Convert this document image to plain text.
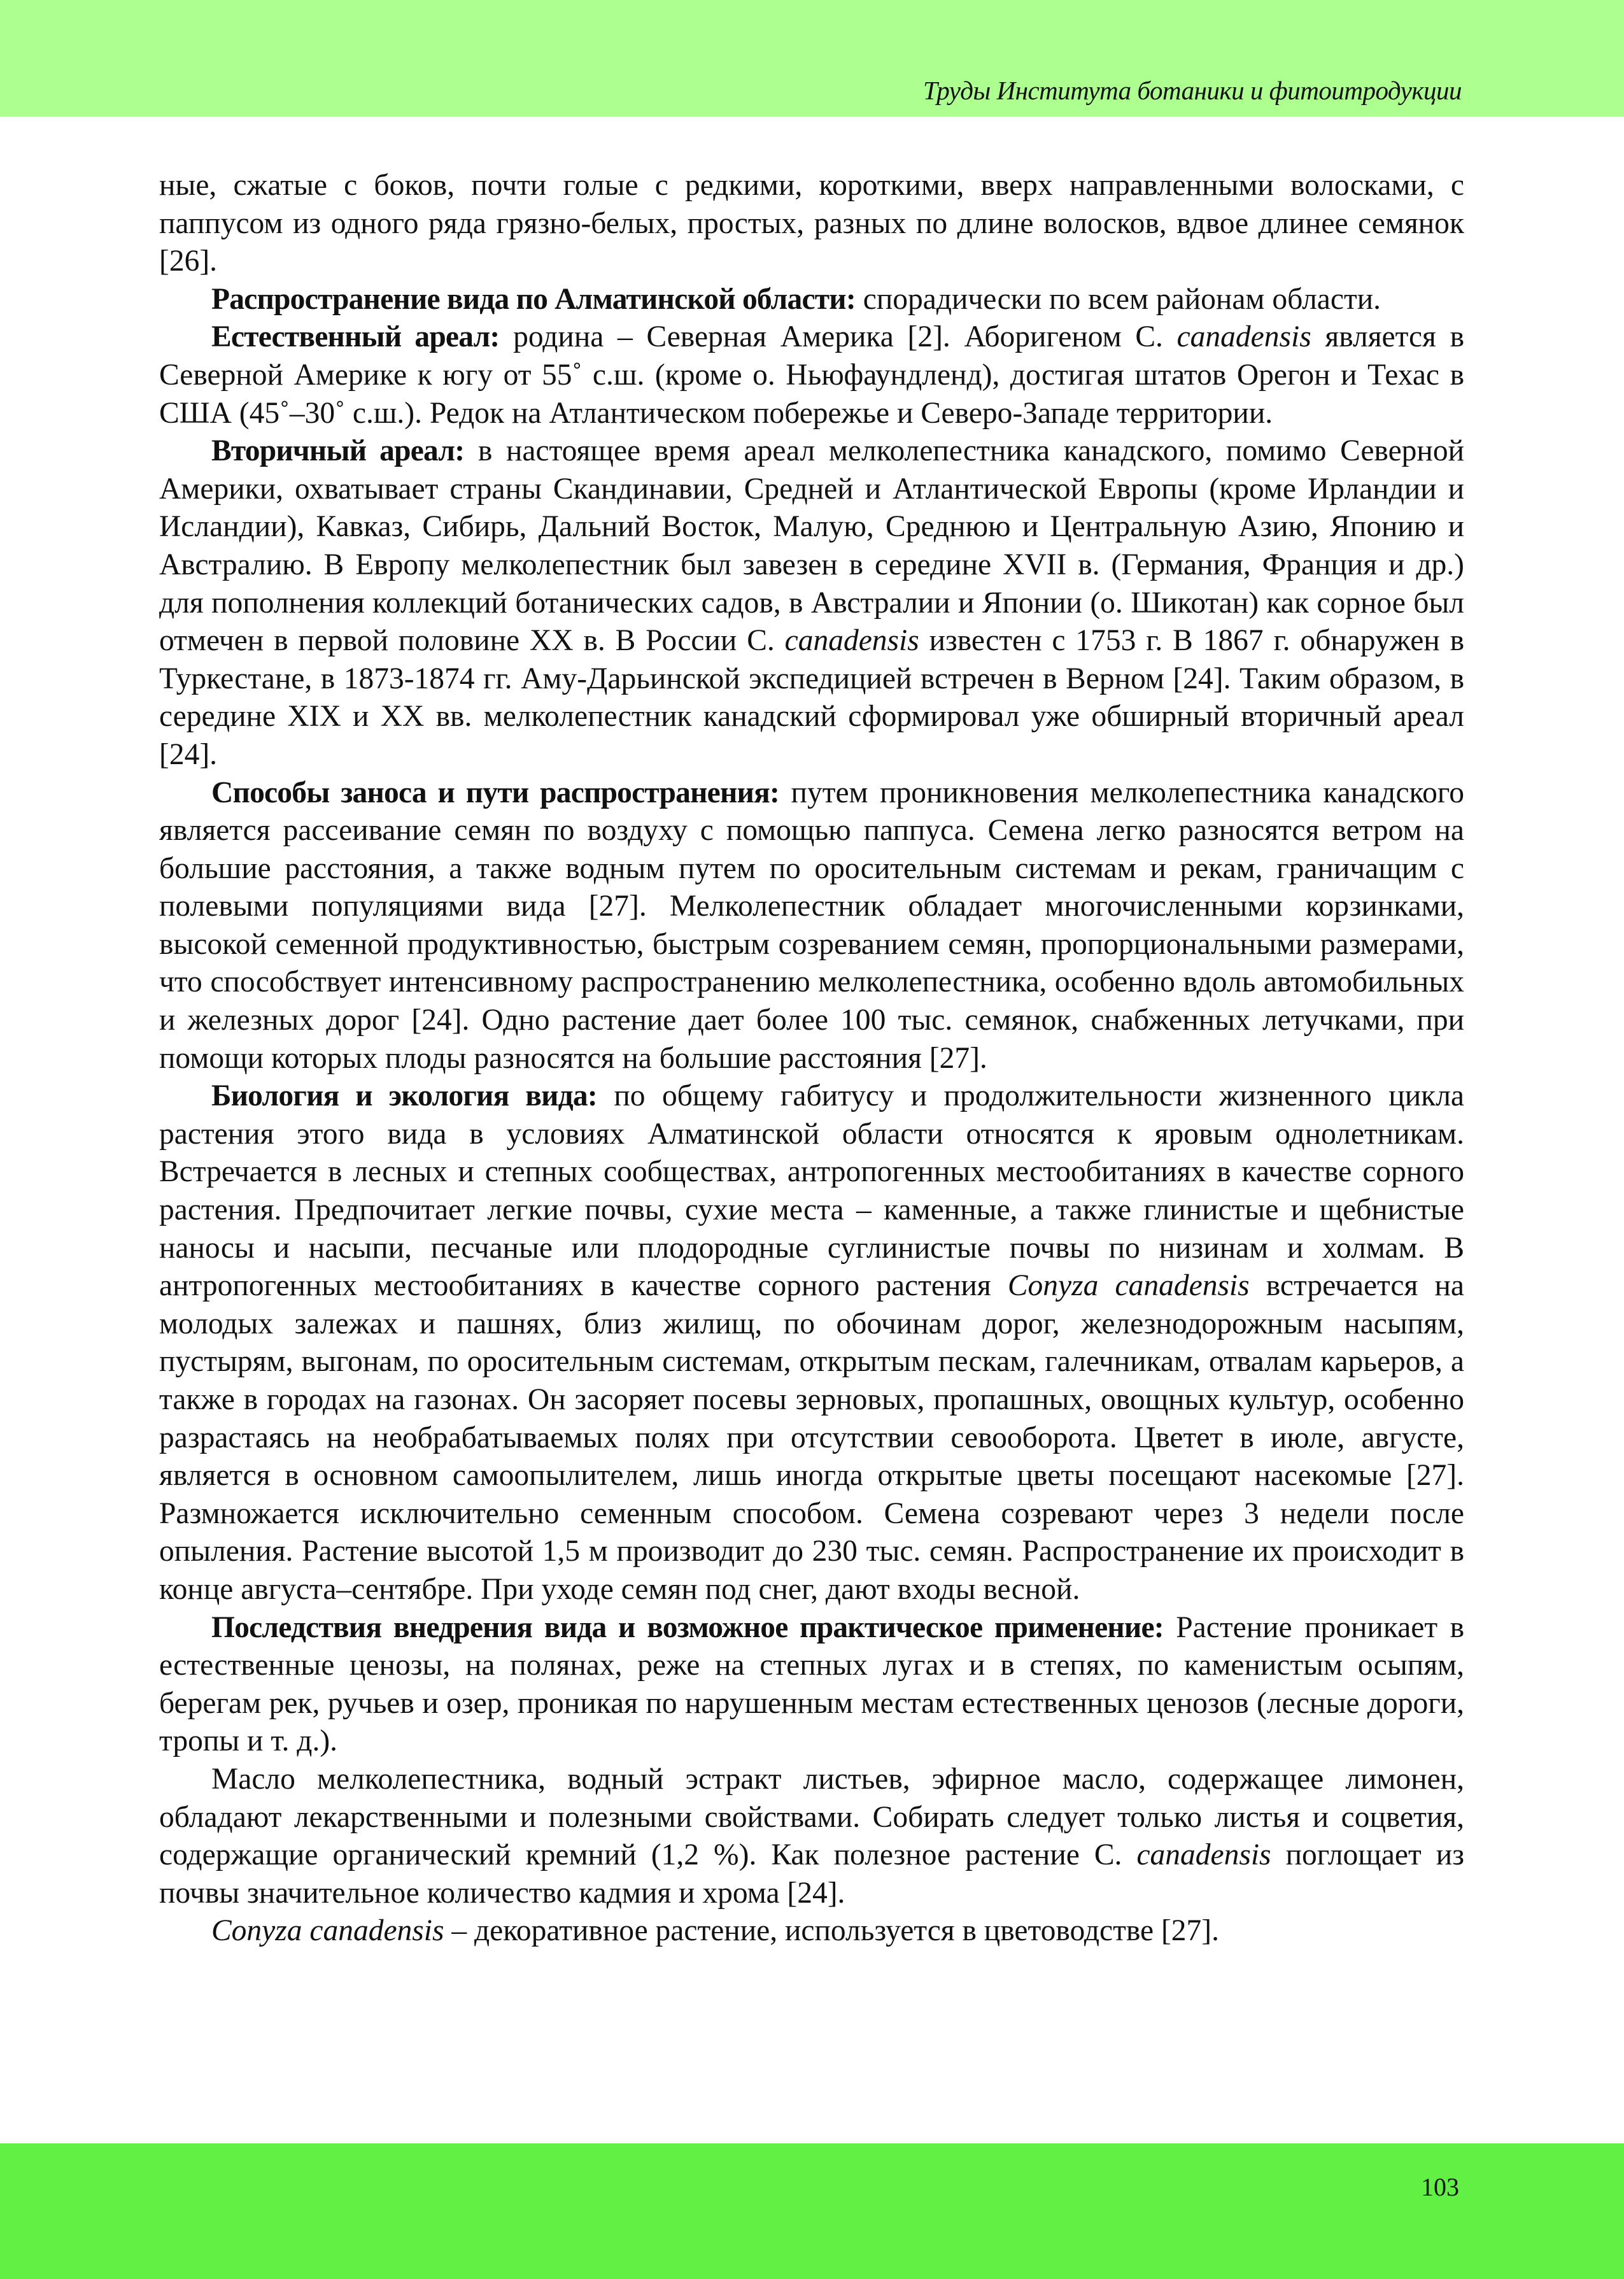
Труды Института ботаники и фитоитродукции

ные, сжатые с боков, почти голые с редкими, короткими, вверх направленными волосками, с паппусом из одного ряда грязно-белых, простых, разных по длине волосков, вдвое длинее семянок [26].

Распространение вида по Алматинской области: спорадически по всем районам области.

Естественный ареал: родина – Северная Америка [2]. Аборигеном C. canadensis является в Северной Америке к югу от 55˚ с.ш. (кроме о. Ньюфаундленд), достигая штатов Орегон и Техас в США (45˚–30˚ с.ш.). Редок на Атлантическом побережье и Северо-Западе территории.

Вторичный ареал: в настоящее время ареал мелколепестника канадского, помимо Северной Америки, охватывает страны Скандинавии, Средней и Атлантической Европы (кроме Ирландии и Исландии), Кавказ, Сибирь, Дальний Восток, Малую, Среднюю и Центральную Азию, Японию и Австралию. В Европу мелколепестник был завезен в середине XVII в. (Германия, Франция и др.) для пополнения коллекций ботанических садов, в Австралии и Японии (о. Шикотан) как сорное был отмечен в первой половине XX в. В России C. canadensis известен с 1753 г. В 1867 г. обнаружен в Туркестане, в 1873-1874 гг. Аму-Дарьинской экспедицией встречен в Верном [24]. Таким образом, в середине XIX и XX вв. мелколепестник канадский сформировал уже обширный вторичный ареал [24].

Способы заноса и пути распространения: путем проникновения мелколепестника канадского является рассеивание семян по воздуху с помощью паппуса. Семена легко разносятся ветром на большие расстояния, а также водным путем по оросительным системам и рекам, граничащим с полевыми популяциями вида [27]. Мелколепестник обладает многочисленными корзинками, высокой семенной продуктивностью, быстрым созреванием семян, пропорциональными размерами, что способствует интенсивному распространению мелколепестника, особенно вдоль автомобильных и железных дорог [24]. Одно растение дает более 100 тыс. семянок, снабженных летучками, при помощи которых плоды разносятся на большие расстояния [27].

Биология и экология вида: по общему габитусу и продолжительности жизненного цикла растения этого вида в условиях Алматинской области относятся к яровым однолетникам. Встречается в лесных и степных сообществах, антропогенных местообитаниях в качестве сорного растения. Предпочитает легкие почвы, сухие места – каменные, а также глинистые и щебнистые наносы и насыпи, песчаные или плодородные суглинистые почвы по низинам и холмам. В антропогенных местообитаниях в качестве сорного растения Conyza canadensis встречается на молодых залежах и пашнях, близ жилищ, по обочинам дорог, железнодорожным насыпям, пустырям, выгонам, по оросительным системам, открытым пескам, галечникам, отвалам карьеров, а также в городах на газонах. Он засоряет посевы зерновых, пропашных, овощных культур, особенно разрастаясь на необрабатываемых полях при отсутствии севооборота. Цветет в июле, августе, является в основном самоопылителем, лишь иногда открытые цветы посещают насекомые [27]. Размножается исключительно семенным способом. Семена созревают через 3 недели после опыления. Растение высотой 1,5 м производит до 230 тыс. семян. Распространение их происходит в конце августа–сентябре. При уходе семян под снег, дают входы весной.

Последствия внедрения вида и возможное практическое применение: Растение проникает в естественные ценозы, на полянах, реже на степных лугах и в степях, по каменистым осыпям, берегам рек, ручьев и озер, проникая по нарушенным местам естественных ценозов (лесные дороги, тропы и т. д.).

Масло мелколепестника, водный эстракт листьев, эфирное масло, содержащее лимонен, обладают лекарственными и полезными свойствами. Собирать следует только листья и соцветия, содержащие органический кремний (1,2 %). Как полезное растение C. canadensis поглощает из почвы значительное количество кадмия и хрома [24].

Conyza canadensis – декоративное растение, используется в цветоводстве [27].

103
